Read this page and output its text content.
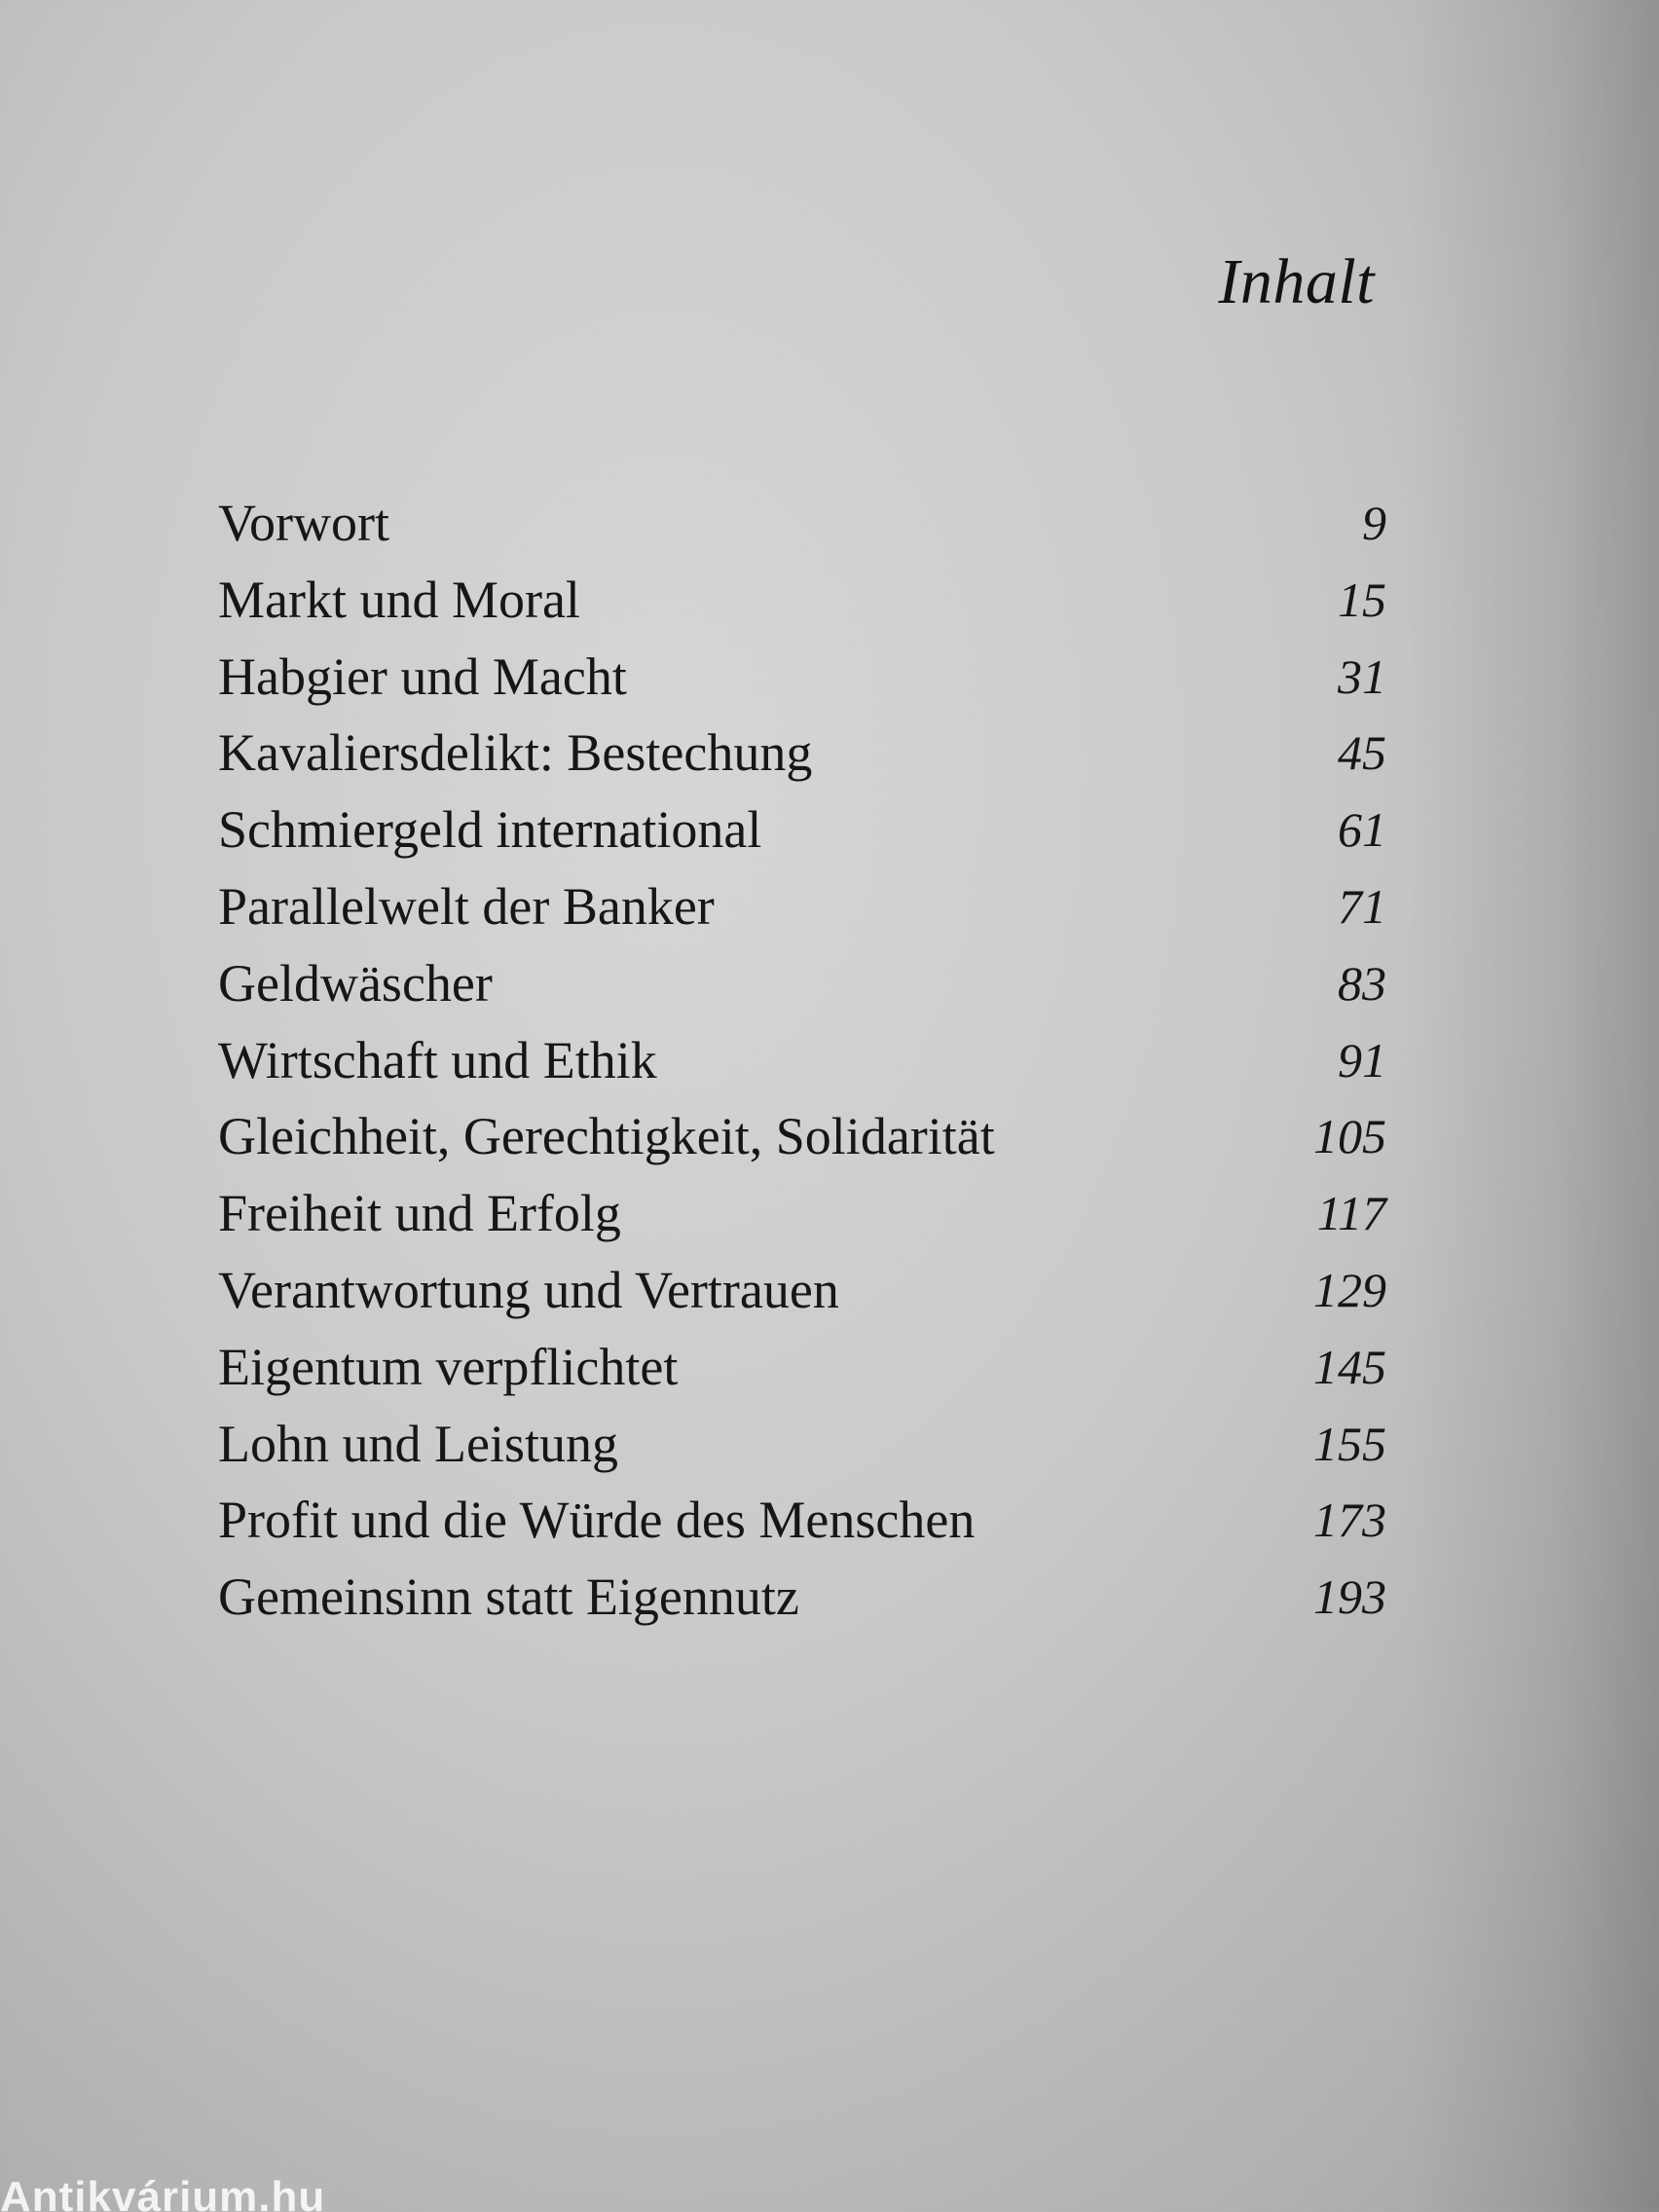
Inhalt
Vorwort	9
Markt und Moral	15
Habgier und Macht	31
Kavaliersdelikt: Bestechung	45
Schmiergeld international	61
Parallelwelt der Banker	71
Geldwäscher	83
Wirtschaft und Ethik	91
Gleichheit, Gerechtigkeit, Solidarität	105
Freiheit und Erfolg	117
Verantwortung und Vertrauen	129
Eigentum verpflichtet	145
Lohn und Leistung	155
Profit und die Würde des Menschen	173
Gemeinsinn statt Eigennutz	193
Antikvárium.hu
